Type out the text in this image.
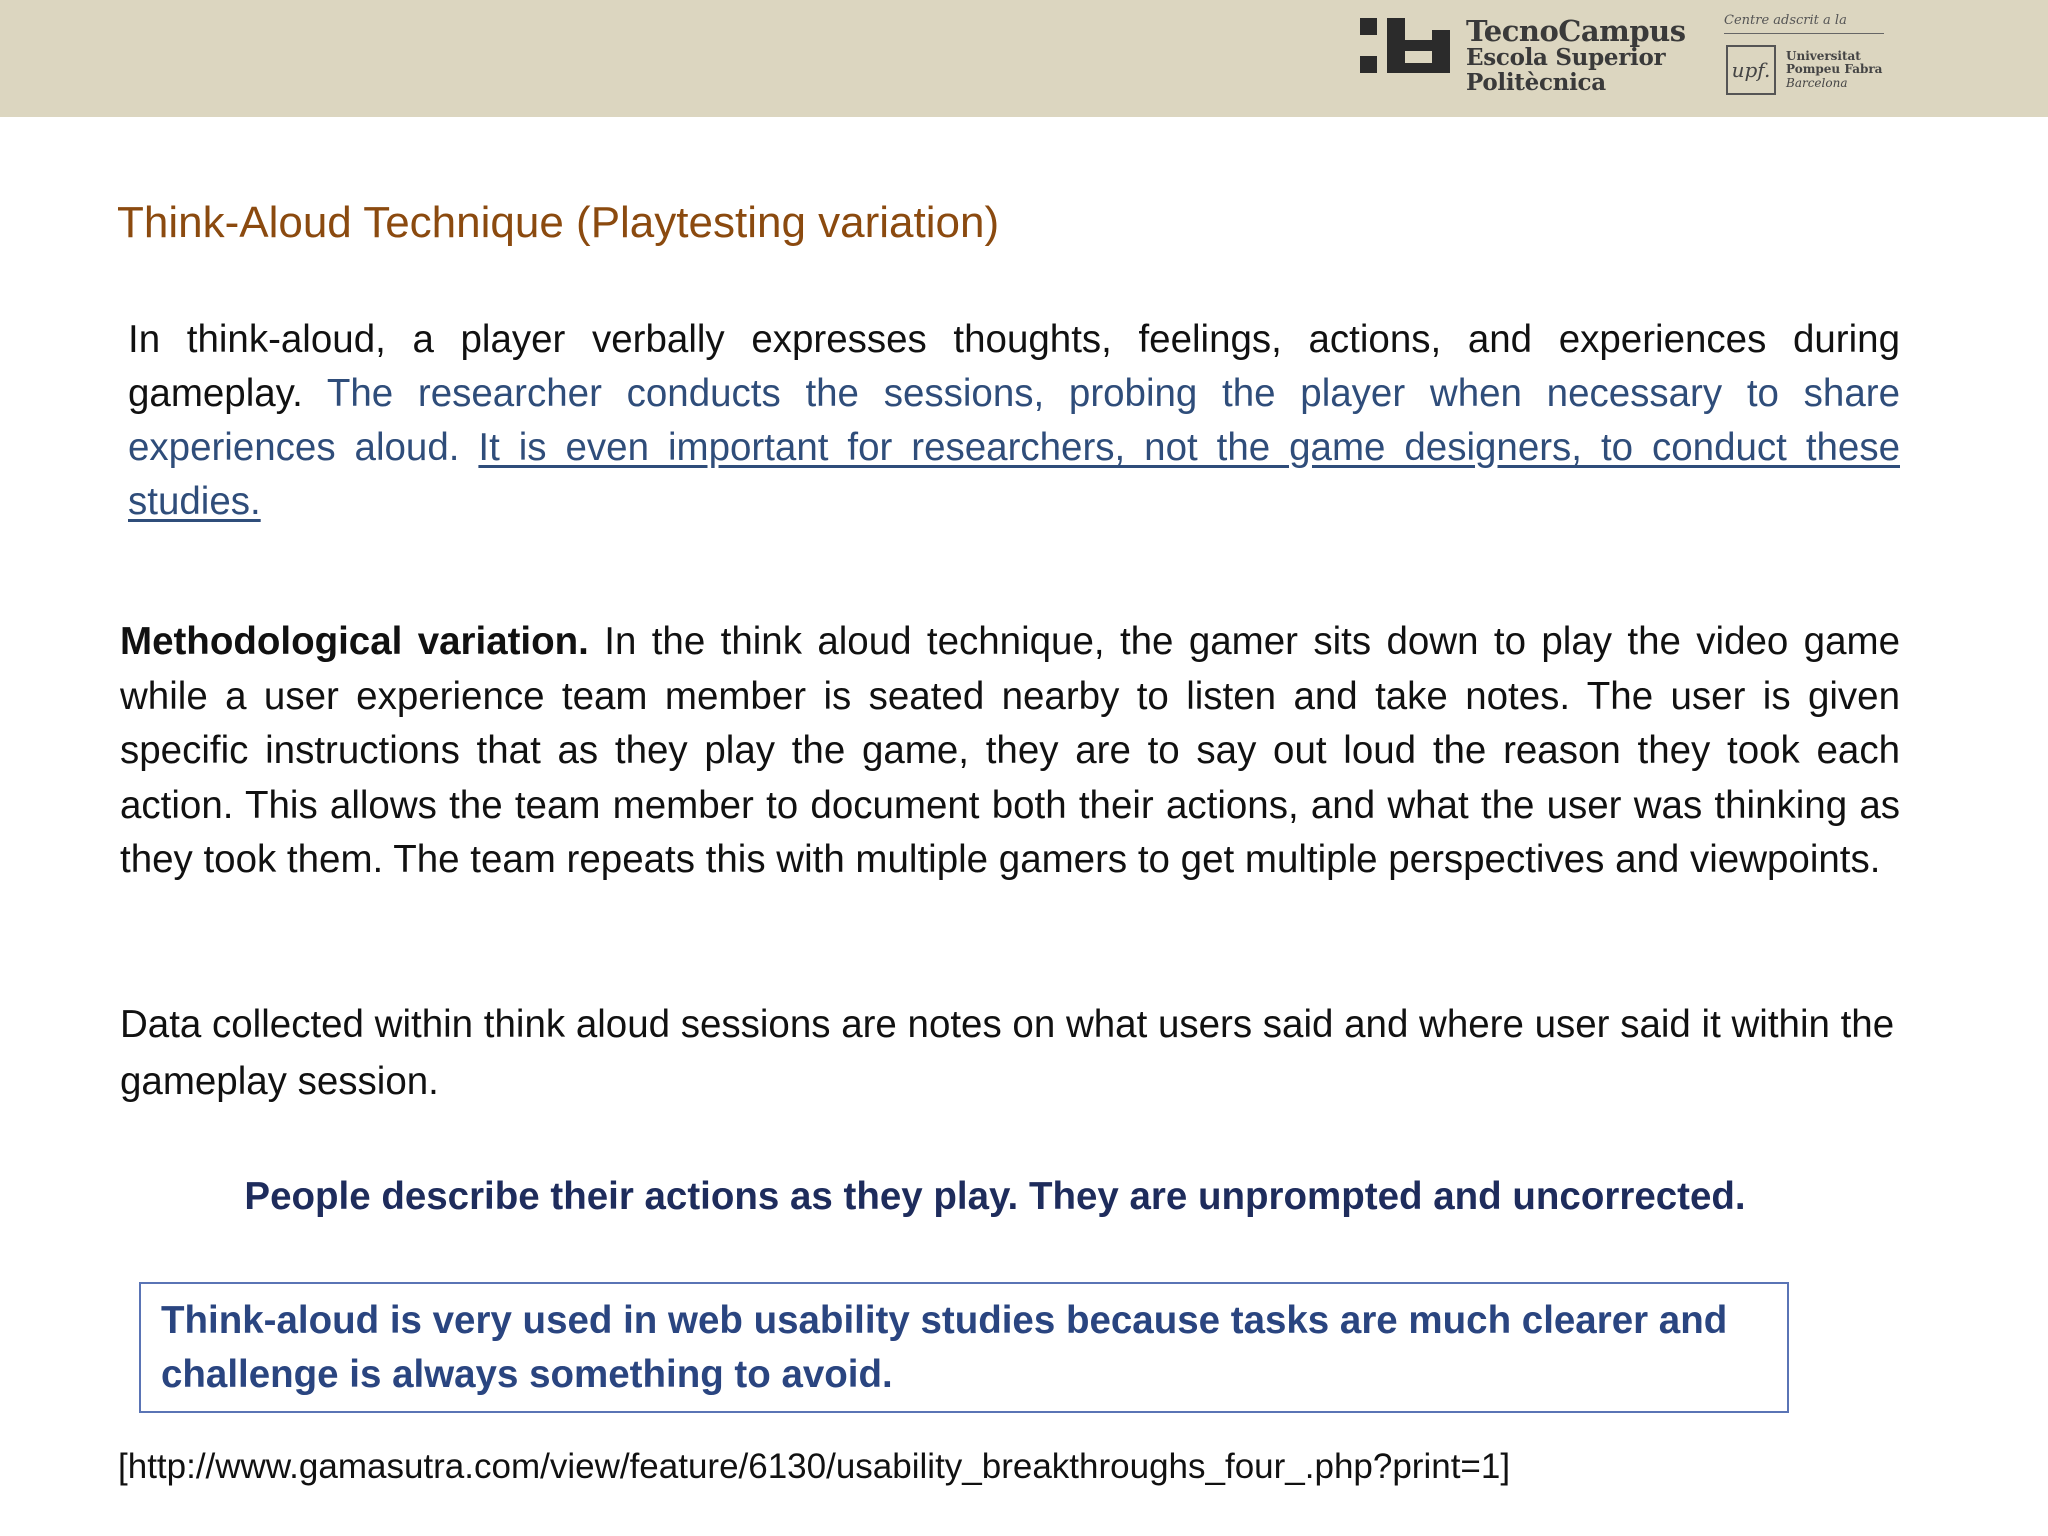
TecnoCampus
Escola Superior
Politècnica
Centre adscrit a la
upf.
Universitat
Pompeu Fabra
Barcelona
Think-Aloud Technique (Playtesting variation)

In think-aloud, a player verbally expresses thoughts, feelings, actions, and experiences during gameplay. The researcher conducts the sessions, probing the player when necessary to share experiences aloud. It is even important for researchers, not the game designers, to conduct these studies.

Methodological variation. In the think aloud technique, the gamer sits down to play the video game while a user experience team member is seated nearby to listen and take notes. The user is given specific instructions that as they play the game, they are to say out loud the reason they took each action. This allows the team member to document both their actions, and what the user was thinking as they took them. The team repeats this with multiple gamers to get multiple perspectives and viewpoints.

Data collected within think aloud sessions are notes on what users said and where user said it within the gameplay session.

People describe their actions as they play. They are unprompted and uncorrected.

Think-aloud is very used in web usability studies because tasks are much clearer and challenge is always something to avoid.

[http://www.gamasutra.com/view/feature/6130/usability_breakthroughs_four_.php?print=1]
